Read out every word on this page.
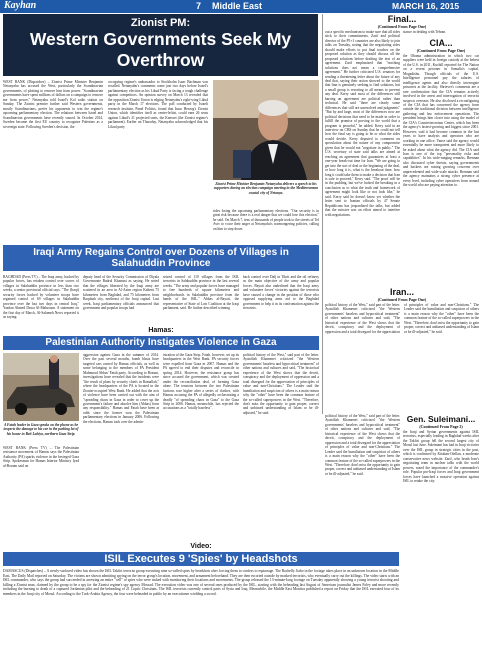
Kayhan	7 Middle East	MARCH 16, 2015
Zionist PM:
Western Governments Seek My Overthrow
WEST BANK (Dispatches) – Zionist Prime Minister Benjamin Netanyahu has accused the West, particularly the Scandinavian governments, of plotting to remove him from power. "Scandinavian governments have spent millions of dollars on a campaign to remove me from power," Netanyahu told Israel's Kol radio station on Sunday. The Zionist premier further said Western governments, mostly Scandinavians, prefer his opponents to win the regime's upcoming parliamentary election. The relations between Israel and Scandinavian governments have recently soured. In October 2014, Sweden became the first EU country to recognize Palestine as a sovereign state. Following Sweden's decision, the
occupying regime's ambassador to Stockholm Isaac Bachman was recalled. Netanyahu's comments come just two days before Israel's parliamentary election as his Likud Party is facing a tough challenge against competitors. An opinion survey on March 13 revealed that the opposition Zionist Union is edging Netanyahu's right-wing Likud party in the March 17 elections. The poll conducted by Israeli research institute, Panel Politics, found that Isaac Herzog's Zionist Union, which identifies itself as center-leftist, could earn 26 seats against Likud's 21 projected seats, the Knesset (the Zionist regime's parliament). Earlier on Thursday, Netanyahu acknowledged that his Likud party
Zionist Prime Minister Benjamin Netanyahu delivers a speech to his supporters during an election campaign meeting in the Mediterranean coastal city of Netanya.
rides losing the upcoming parliamentary elections. "Our security is in great risk because there is a real danger that we could lose this election," he said. On March 7, tens of thousands of people took to the streets of Tel Aviv to voice their anger at Netanyahu's warmongering policies, calling on him to step down.
Final...
(Continued From Page One)
out a specific mechanism to make sure that all sides stick to their commitments. Zarif and political director of the P5+1 countries are also likely to join talks on Tuesday, noting that the negotiating sides should make efforts to put final touches on the proposed solution as they should discuss all the proposed solutions before drafting the text of an agreement. Zarif emphasized that "reaching solutions does not mean a comprehensive agreement." He further criticized U.S. senators for sending a threatening letter about the future of any deal that, saying their action showed to the world that Iran is genuinely seeking to find solutions, but a small group is resorting to all means to prevent any deal. Kerry said most of the differences still barring an agreement are political rather than technical. He said "there are clearly some differences that still are unresolved and judgments" "But by and large, most of the differences now are political decisions that need to be made in order to fulfill the promise of proving to the world that a program is peaceful," he added. Kerry said in an interview on CBS on Sunday that he could not tell how the final say is going to be or what the sides would decide. Kerry disputed to comment on speculation about the nature of any compromise given that he would not "negotiate in public." The U.S. secretary of state said talks are aimed at reaching an agreement that guarantees at least a one-year break-out time for Iran. "We are going to get into the sort of deal or the beginning of the deal, or how long it is, what is the breakout time, how long it could take them to make a decision that Iran is safe to proceed," Kerry said. "The proof will be in the pudding, but we've looked the breaking in a conclusion as to what the truth and framework of agreement might look like or not look like," he said. Kerry said he doesn't know yet whether the letter sent to Iranian officials by 47 Senate Republicans has jeopardized the talks, but added that the missive was an effort aimed to interfere with negotiations.
stance in dealing with Tehran.
CIA...
(Continued From Page One)
the Obama administration in which two car suppliers were held in foreign custody at the behest of the U.S. in 2011, Kuchill reported for The Nation on a recent prisoner in Somalia's capital, Mogadishu. Though officials of the U.S. Intelligence personnel pay the salaries of intelligence agents and also directly interrogate prisoners at the facility. Shriever's comments are a rare confirmation that the CIA remains actively involved in the arrest and interrogation of terrorist suspects overseas. He also disclosed a reconfiguring of the CIA that has concerned the agency from outside the traditional division between intelligence gathering and law enforcement operations. The president brings him closer into using the model of the CIA's Counterterrorism Center, which has been the agency's fastest-growing and biggest since 2001. However, said it had become common in the last years to have analysts and operators who are working in one office. Vance said the agency would essentially be more transparent and more likely to be asked about what the agency did. The CIA said Iran is one of the top "personality risks and capabilities". In his wide-ranging remarks, Brennan also discussed cyber threats, saying governments and hackers are raising growing concerns over unprecedented and wide-scale attacks. Brennan said the agency maintains a strong cyber presence at every level, including cyber operatives from around the world who are paying attention to.
Iraqi Army Regains Control over Dozens of Villages in Salahuddin Province
BAGHDAD (Press TV) – The Iraqi army, backed by popular forces, has retaken control over scores of villages in Salahuddin province in less than two weeks, a senior provincial official says. "The (Iraqi) security forces backed by volunteer troops have regained control of 69 villages in Salahuddin province over the last two days in central Iraq," Yazdan Ahmed Dawa Al-Mahzoum. A statement on the first day of March, Al-Salameh News reported it as saying:
deputy head of the Security Commission of Diyala Governorate Badrul Khamasi as saying. He noted that the villages liberated by the Iraqi army are scattered in an area in Al-Azim region Kaltent 75 kilometers from Baghdad, and 75 kilometers from Baqubah city, northeast of the Iraqi capital. Last week, Iraqi parliamentary officials announced that government and popular troops had
seized control of 110 villages from the ISIL terrorists in Salahuddin province in the last several weeks. "The army and popular forces have managed to free hundreds of square kilometers and neighborhoods in Salahuddin province from the hands of the ISIL," Abbas al-Bayati, the representative of State of Law Coalition at the Iraqi parliament, said. He further described winning
back control over Dalj in Tikrit and the oil refinery as the main objective of the army and popular forces. Bayati also underlined that the Iraqi army and volunteer forces' victories against the terrorists have caused a change in the position of those who opposed supplying arms aid to the Baghdad government to help it in its confrontation against the terrorists.
Hamas:
Palestinian Authority Instigates Violence in Gaza
A Fatah leader in Gaza speaks on the phone as he inspects the damage to his car in the parking lot of his house in Beit Lahiya, northern Gaza Strip.
WEST BANK (Press TV) – The Palestinian resistance movement of Hamas says the Palestinian Authority (PA) sparks violence in the besieged Gaza Strip. Spokesman for Hamas Interior Ministry Iyad al-Bozum said on
aggression against Gaza in the summer of 2014. Over the past several months, bomb blasts have targeted cars owned by Hamas officials, as well as some belonging to the members of PA President Mahmoud Abbas' Fatah party. According to Bozum, investigations have revealed that the incidents were "the result of plans by security chiefs in Ramallah," where the headquarters of the PA is located in the Zionist-occupied West Bank. He added that the acts of violence have been carried out with the aim of "spreading chaos in Gaza in order to cover up the government's failure and absolve him (Abbas) from any responsibility." Hamas and Fatah have been at odds since the former won the Palestinian parliamentary elections in January 2006. Following the elections, Hamas took over the admin-
istration of the Gaza Strip. Fatah, however, set up its headquarters in the West Bank. PA security forces were expelled from Gaza in 2007. Hamas and the PA agreed to end their disputes and reconcile in spring 2014. However, the resistance group has since accused the government, which was created under the reconciliation deal, of forming Gaza alone. The tensions between the two Palestinian factions rose higher after a series of clashes, with Hamas accusing the PA of allegedly orchestrating a deadly "of spreading chaos in Gaza" to the Gaza Strip in 2006. Hamas, meanwhile, has rejected the accusations as a "totally baseless".
Iran...
(Continued From Page One)
political history of the West," said part of the letter. Ayatollah Khamenei criticized "the Western governments' baseless and hypocritical treatment" of other nations and cultures and said, "The historical experience of the West shows that the deceit, conspiracy and the deployment of oppression and a total disregard for the appreciation of principles of value and non-Christians." The Leader said the humiliation and suspicion of others is a main reason why the "other" have been the common feature of the so-called superpowers in the West. "Therefore, don't miss the opportunity to gain proper, correct and unbiased understanding of Islam or be ill-adjusted," he said.
political history of the West," said part of the letter. Ayatollah Khamenei criticized "the Western governments' baseless and hypocritical treatment" of other nations and cultures and said, "The historical experience of the West shows that the deceit, conspiracy and the deployment of oppression and a total disregard for the appreciation of principles of value and non-Christians." The Leader said the humiliation and suspicion of others is a main reason why the "other" have been the common feature of the so-called superpowers in the West. "Therefore, don't miss the opportunity to gain proper, correct and unbiased understanding of Islam or be ill-adjusted," he said.
Gen. Suleimani...
(Continued From Page 2)
the Iraqi and Syrian governments against ISIL terrorists, especially leading in Baghdad weeks after the Takfiri group fell the second largest city of Mosul last June. Suleimani has had in Iraqi victories over the ISIL group in strategic cities in the past, which is confirmed by Kitaban-Otellan, a moderate conservative news website. Zarif, who heads Iran's negotiating team in nuclear talks with the world powers, noted the importance of the commander's role. Popular pro-Iraqi forces and Iraqi government forces have launched a massive operation against ISIL to retake the city.
political history of the West," said part of the letter. Ayatollah Khamenei criticized "the Western governments' baseless and hypocritical treatment" of other nations and cultures and said, "The historical experience of the West shows that the deceit, conspiracy and the deployment of oppression and a total disregard for the appreciation of principles of value and non-Christians." The Leader said the humiliation and suspicion of others is a main reason why the "other" have been the common feature of the so-called superpowers in the West. "Therefore, don't miss the opportunity to gain proper, correct and unbiased understanding of Islam or be ill-adjusted," he said.
Video:
ISIL Executes 9 'Spies' by Headshots
DAMASCUS (Dispatches) – A newly-surfaced video has shown the ISIL Takfiri terrorist group executing nine so-called spies by headshots after forcing them to confess to espionage. The Rachelly Jiabo in the footage takes place in an unknown location in the Middle East, The Daily Mail reported on Saturday. The victims are shown admitting spying on the terror group's location, movement, and armament beforehand. They are then escorted outside by masked terrorists, who eventually carry out the killings. The video starts with an ISIL commander, who says the group had succeeded in arresting an entire "cell" of spies who were tasked with monitoring their locations and movements. The group released the 13-minute-long footage on Tuesday apparently showing a young terrorist shooting and killing a Zionist man, claimed by the group to be a spy for the Zionist regime's spy agency Mossad. The execution video was one of several ones produced by the ISIL, starting with the beheading last August of American journalist James Foley and more recently including the burning to death of a captured Jordanian pilot and the beheading of 21 Coptic Christians. The ISIL terrorists currently control parts of Syria and Iraq. Meanwhile, the Middle East Monitor published a report on Friday that the ISIL executed four of its members in the Iraqi city of Mosul. According to the Turk-Arabia Agency, the four were beheaded in public by an executioner wielding a sword.
